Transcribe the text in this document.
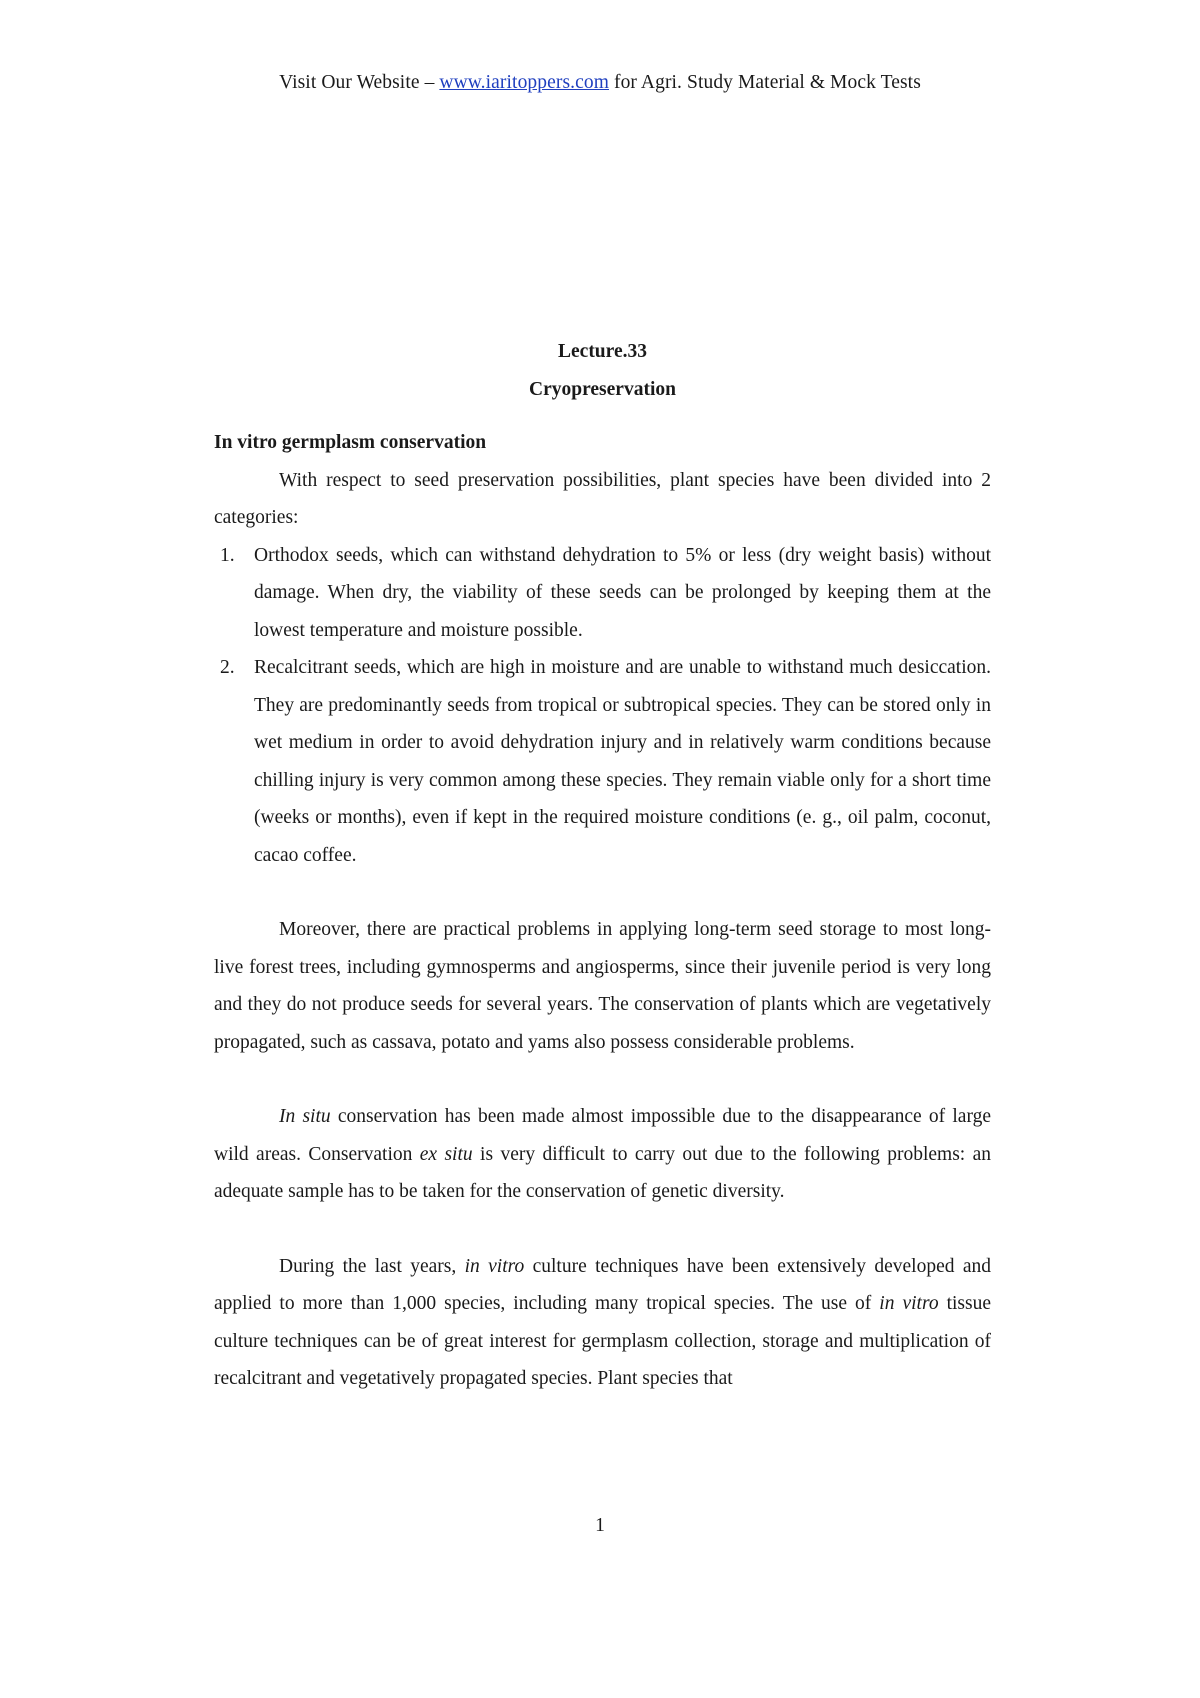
Visit Our Website – www.iaritoppers.com for Agri. Study Material & Mock Tests
Lecture.33
Cryopreservation
In vitro germplasm conservation

With respect to seed preservation possibilities, plant species have been divided into 2 categories:

1. Orthodox seeds, which can withstand dehydration to 5% or less (dry weight basis) without damage. When dry, the viability of these seeds can be prolonged by keeping them at the lowest temperature and moisture possible.
2. Recalcitrant seeds, which are high in moisture and are unable to withstand much desiccation. They are predominantly seeds from tropical or subtropical species. They can be stored only in wet medium in order to avoid dehydration injury and in relatively warm conditions because chilling injury is very common among these species. They remain viable only for a short time (weeks or months), even if kept in the required moisture conditions (e. g., oil palm, coconut, cacao coffee.

Moreover, there are practical problems in applying long-term seed storage to most long-live forest trees, including gymnosperms and angiosperms, since their juvenile period is very long and they do not produce seeds for several years. The conservation of plants which are vegetatively propagated, such as cassava, potato and yams also possess considerable problems.

In situ conservation has been made almost impossible due to the disappearance of large wild areas. Conservation ex situ is very difficult to carry out due to the following problems: an adequate sample has to be taken for the conservation of genetic diversity.

During the last years, in vitro culture techniques have been extensively developed and applied to more than 1,000 species, including many tropical species. The use of in vitro tissue culture techniques can be of great interest for germplasm collection, storage and multiplication of recalcitrant and vegetatively propagated species. Plant species that

1
